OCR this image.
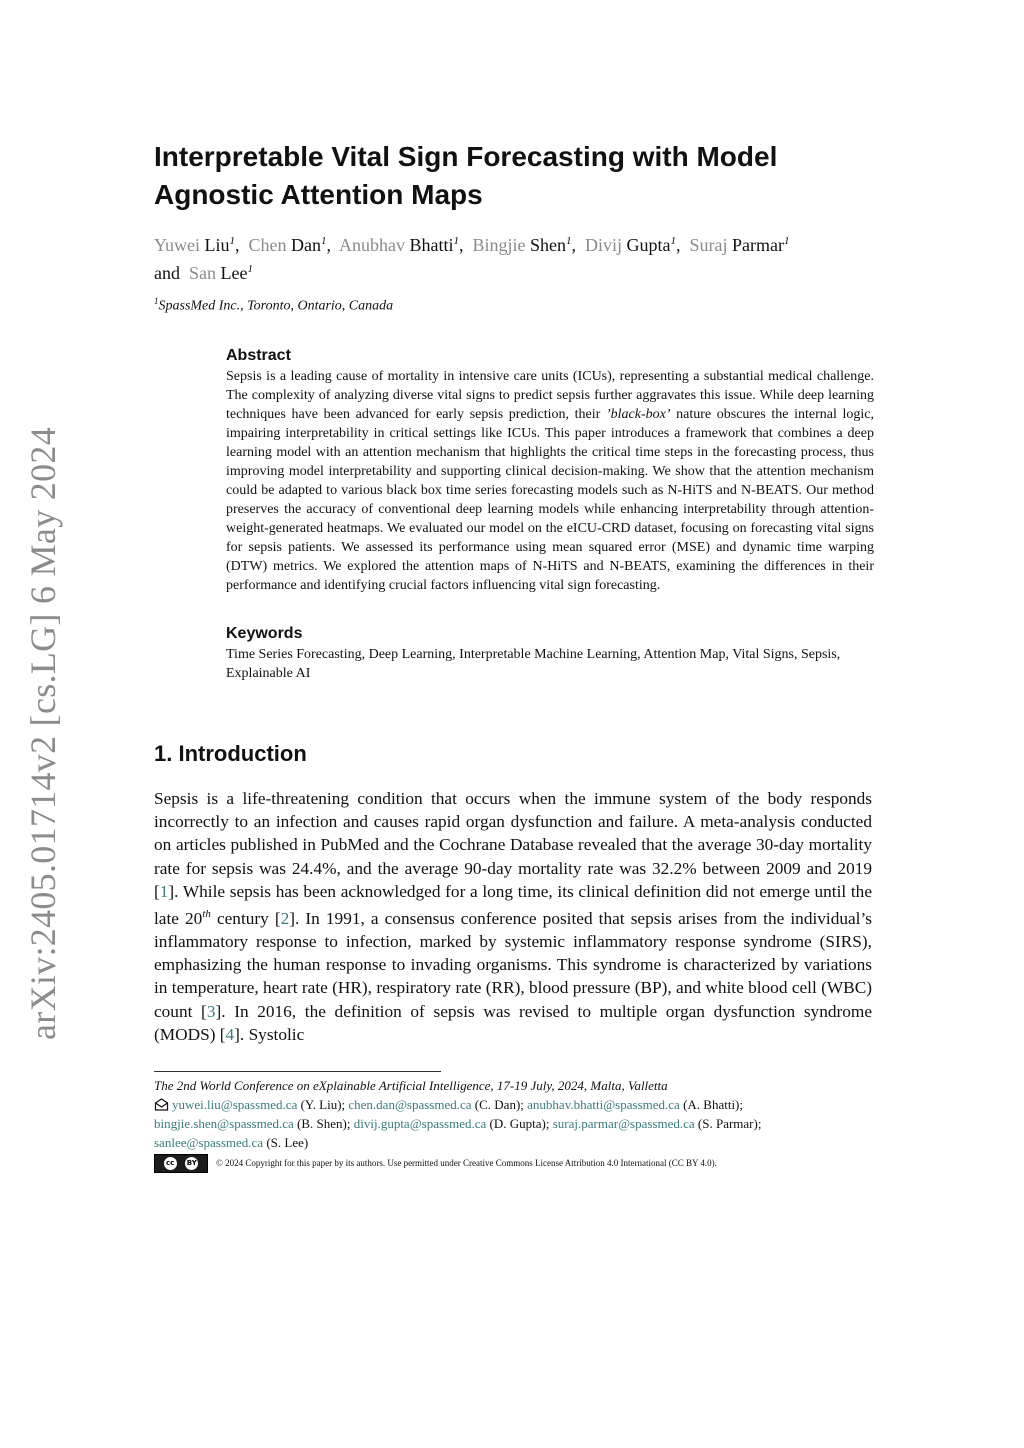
arXiv:2405.01714v2 [cs.LG] 6 May 2024
Interpretable Vital Sign Forecasting with Model Agnostic Attention Maps
Yuwei Liu$^1$,  Chen Dan$^1$,  Anubhav Bhatti$^1$,  Bingjie Shen$^1$,  Divij Gupta$^1$,  Suraj Parmar$^1$
and San Lee$^1$
$^1$SpassMed Inc., Toronto, Ontario, Canada
Abstract

Sepsis is a leading cause of mortality in intensive care units (ICUs), representing a substantial medical challenge. The complexity of analyzing diverse vital signs to predict sepsis further aggravates this issue. While deep learning techniques have been advanced for early sepsis prediction, their ’black-box’ nature obscures the internal logic, impairing interpretability in critical settings like ICUs. This paper introduces a framework that combines a deep learning model with an attention mechanism that highlights the critical time steps in the forecasting process, thus improving model interpretability and supporting clinical decision-making. We show that the attention mechanism could be adapted to various black box time series forecasting models such as N-HiTS and N-BEATS. Our method preserves the accuracy of conventional deep learning models while enhancing interpretability through attention-weight-generated heatmaps. We evaluated our model on the eICU-CRD dataset, focusing on forecasting vital signs for sepsis patients. We assessed its performance using mean squared error (MSE) and dynamic time warping (DTW) metrics. We explored the attention maps of N-HiTS and N-BEATS, examining the differences in their performance and identifying crucial factors influencing vital sign forecasting.

Keywords

Time Series Forecasting, Deep Learning, Interpretable Machine Learning, Attention Map, Vital Signs, Sepsis, Explainable AI

1. Introduction

Sepsis is a life-threatening condition that occurs when the immune system of the body responds incorrectly to an infection and causes rapid organ dysfunction and failure. A meta-analysis conducted on articles published in PubMed and the Cochrane Database revealed that the average 30-day mortality rate for sepsis was 24.4%, and the average 90-day mortality rate was 32.2% between 2009 and 2019 [1]. While sepsis has been acknowledged for a long time, its clinical definition did not emerge until the late 20th century [2]. In 1991, a consensus conference posited that sepsis arises from the individual’s inflammatory response to infection, marked by systemic inflammatory response syndrome (SIRS), emphasizing the human response to invading organisms. This syndrome is characterized by variations in temperature, heart rate (HR), respiratory rate (RR), blood pressure (BP), and white blood cell (WBC) count [3]. In 2016, the definition of sepsis was revised to multiple organ dysfunction syndrome (MODS) [4]. Systolic

The 2nd World Conference on eXplainable Artificial Intelligence, 17-19 July, 2024, Malta, Valletta

yuwei.liu@spassmed.ca (Y. Liu); chen.dan@spassmed.ca (C. Dan); anubhav.bhatti@spassmed.ca (A. Bhatti);
bingjie.shen@spassmed.ca (B. Shen); divij.gupta@spassmed.ca (D. Gupta); suraj.parmar@spassmed.ca (S. Parmar);
sanlee@spassmed.ca (S. Lee)

cc	BY © 2024 Copyright for this paper by its authors. Use permitted under Creative Commons License Attribution 4.0 International (CC BY 4.0).
